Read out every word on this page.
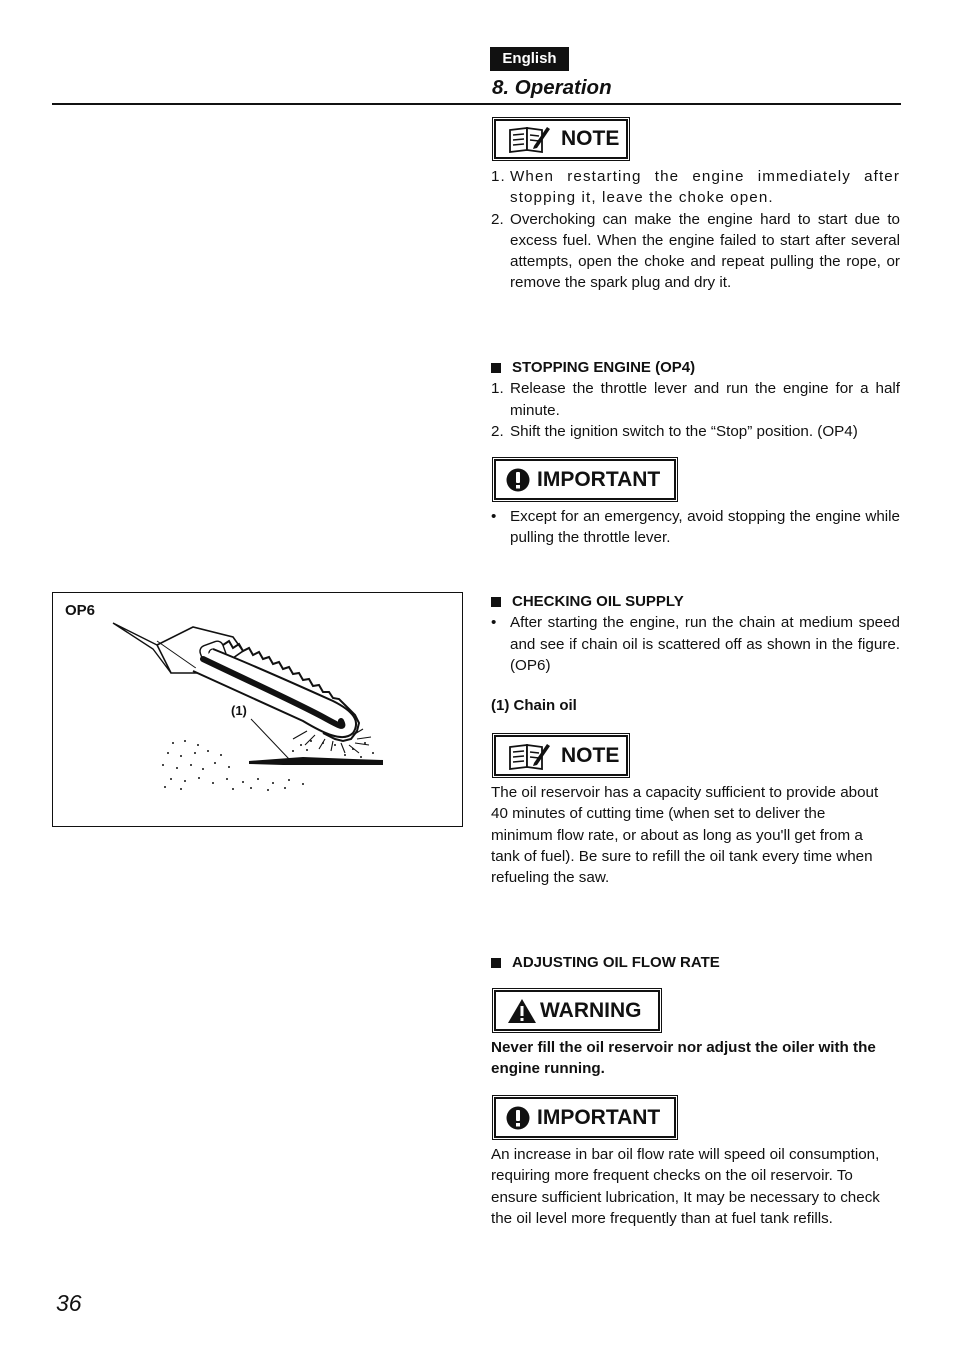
English
8. Operation
NOTE
1. When restarting the engine immediately after stopping it, leave the choke open.
2. Overchoking can make the engine hard to start due to excess fuel. When the engine failed to start after several attempts, open the choke and repeat pulling the rope, or remove the spark plug and dry it.
STOPPING ENGINE (OP4)
1. Release the throttle lever and run the engine for a half minute.
2. Shift the ignition switch to the “Stop” position. (OP4)
IMPORTANT
• Except for an emergency, avoid stopping the engine while pulling the throttle lever.
CHECKING OIL SUPPLY
• After starting the engine, run the chain at medium speed and see if chain oil is scattered off as shown in the figure. (OP6)
(1) Chain oil
OP6
(1)
NOTE

The oil reservoir has a capacity sufficient to provide about 40 minutes of cutting time (when set to deliver the minimum flow rate, or about as long as you'll get from a tank of fuel). Be sure to refill the oil tank every time when refueling the saw.

ADJUSTING OIL FLOW RATE
WARNING

Never fill the oil reservoir nor adjust the oiler with the engine running.

IMPORTANT

An increase in bar oil flow rate will speed oil consumption, requiring more frequent checks on the oil reservoir. To ensure sufficient lubrication, It may be necessary to check the oil level more frequently than at fuel tank refills.

36
